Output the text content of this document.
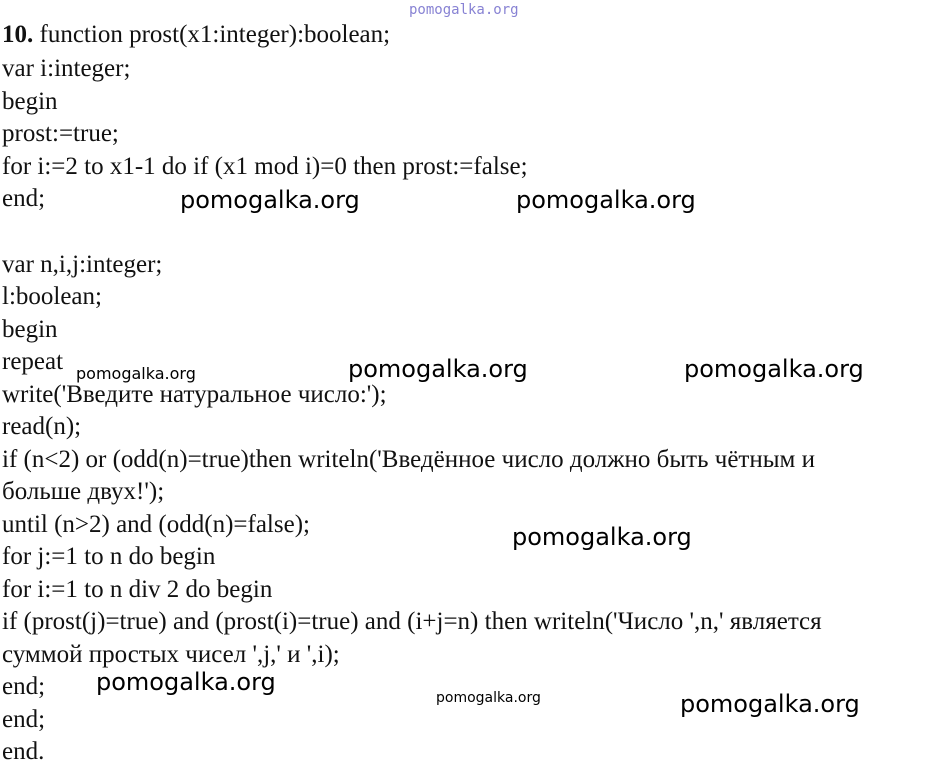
10. function prost(x1:integer):boolean;
var i:integer;
begin
prost:=true;
for i:=2 to x1-1 do if (x1 mod i)=0 then prost:=false;
end;
var n,i,j:integer;
l:boolean;
begin
repeat
write('Введите натуральное число:');
read(n);
if (n<2) or (odd(n)=true)then writeln('Введённое число должно быть чётным и
больше двух!');
until (n>2) and (odd(n)=false);
for j:=1 to n do begin
for i:=1 to n div 2 do begin
if (prost(j)=true) and (prost(i)=true) and (i+j=n) then writeln('Число ',n,' является
суммой простых чисел ',j,' и ',i);
end;
end;
end.
pomogalka.org
pomogalka.org	pomogalka.org
pomogalka.org	pomogalka.org	pomogalka.org
pomogalka.org
pomogalka.org
pomogalka.org	pomogalka.org
